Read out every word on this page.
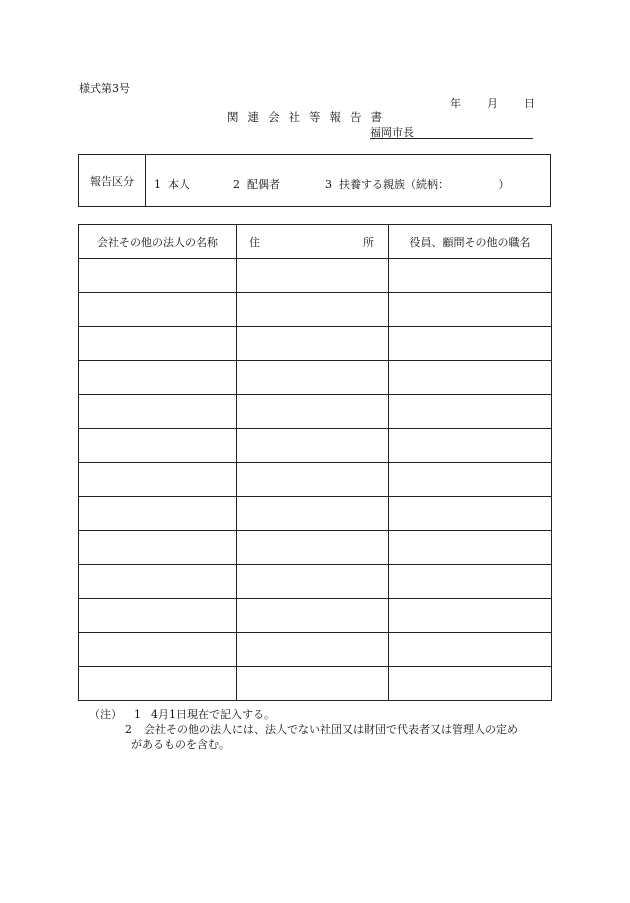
様式第3号
年 月 日
関連会社等報告書
福岡市長
報告区分	1 本人	2 配偶者	3 扶養する親族（続柄：　　　　　）
会社その他の法人の名称	住 所	役員、顧問その他の職名

（注） 1 4月1日現在で記入する。
2 会社その他の法人には、法人でない社団又は財団で代表者又は管理人の定め
があるものを含む。
